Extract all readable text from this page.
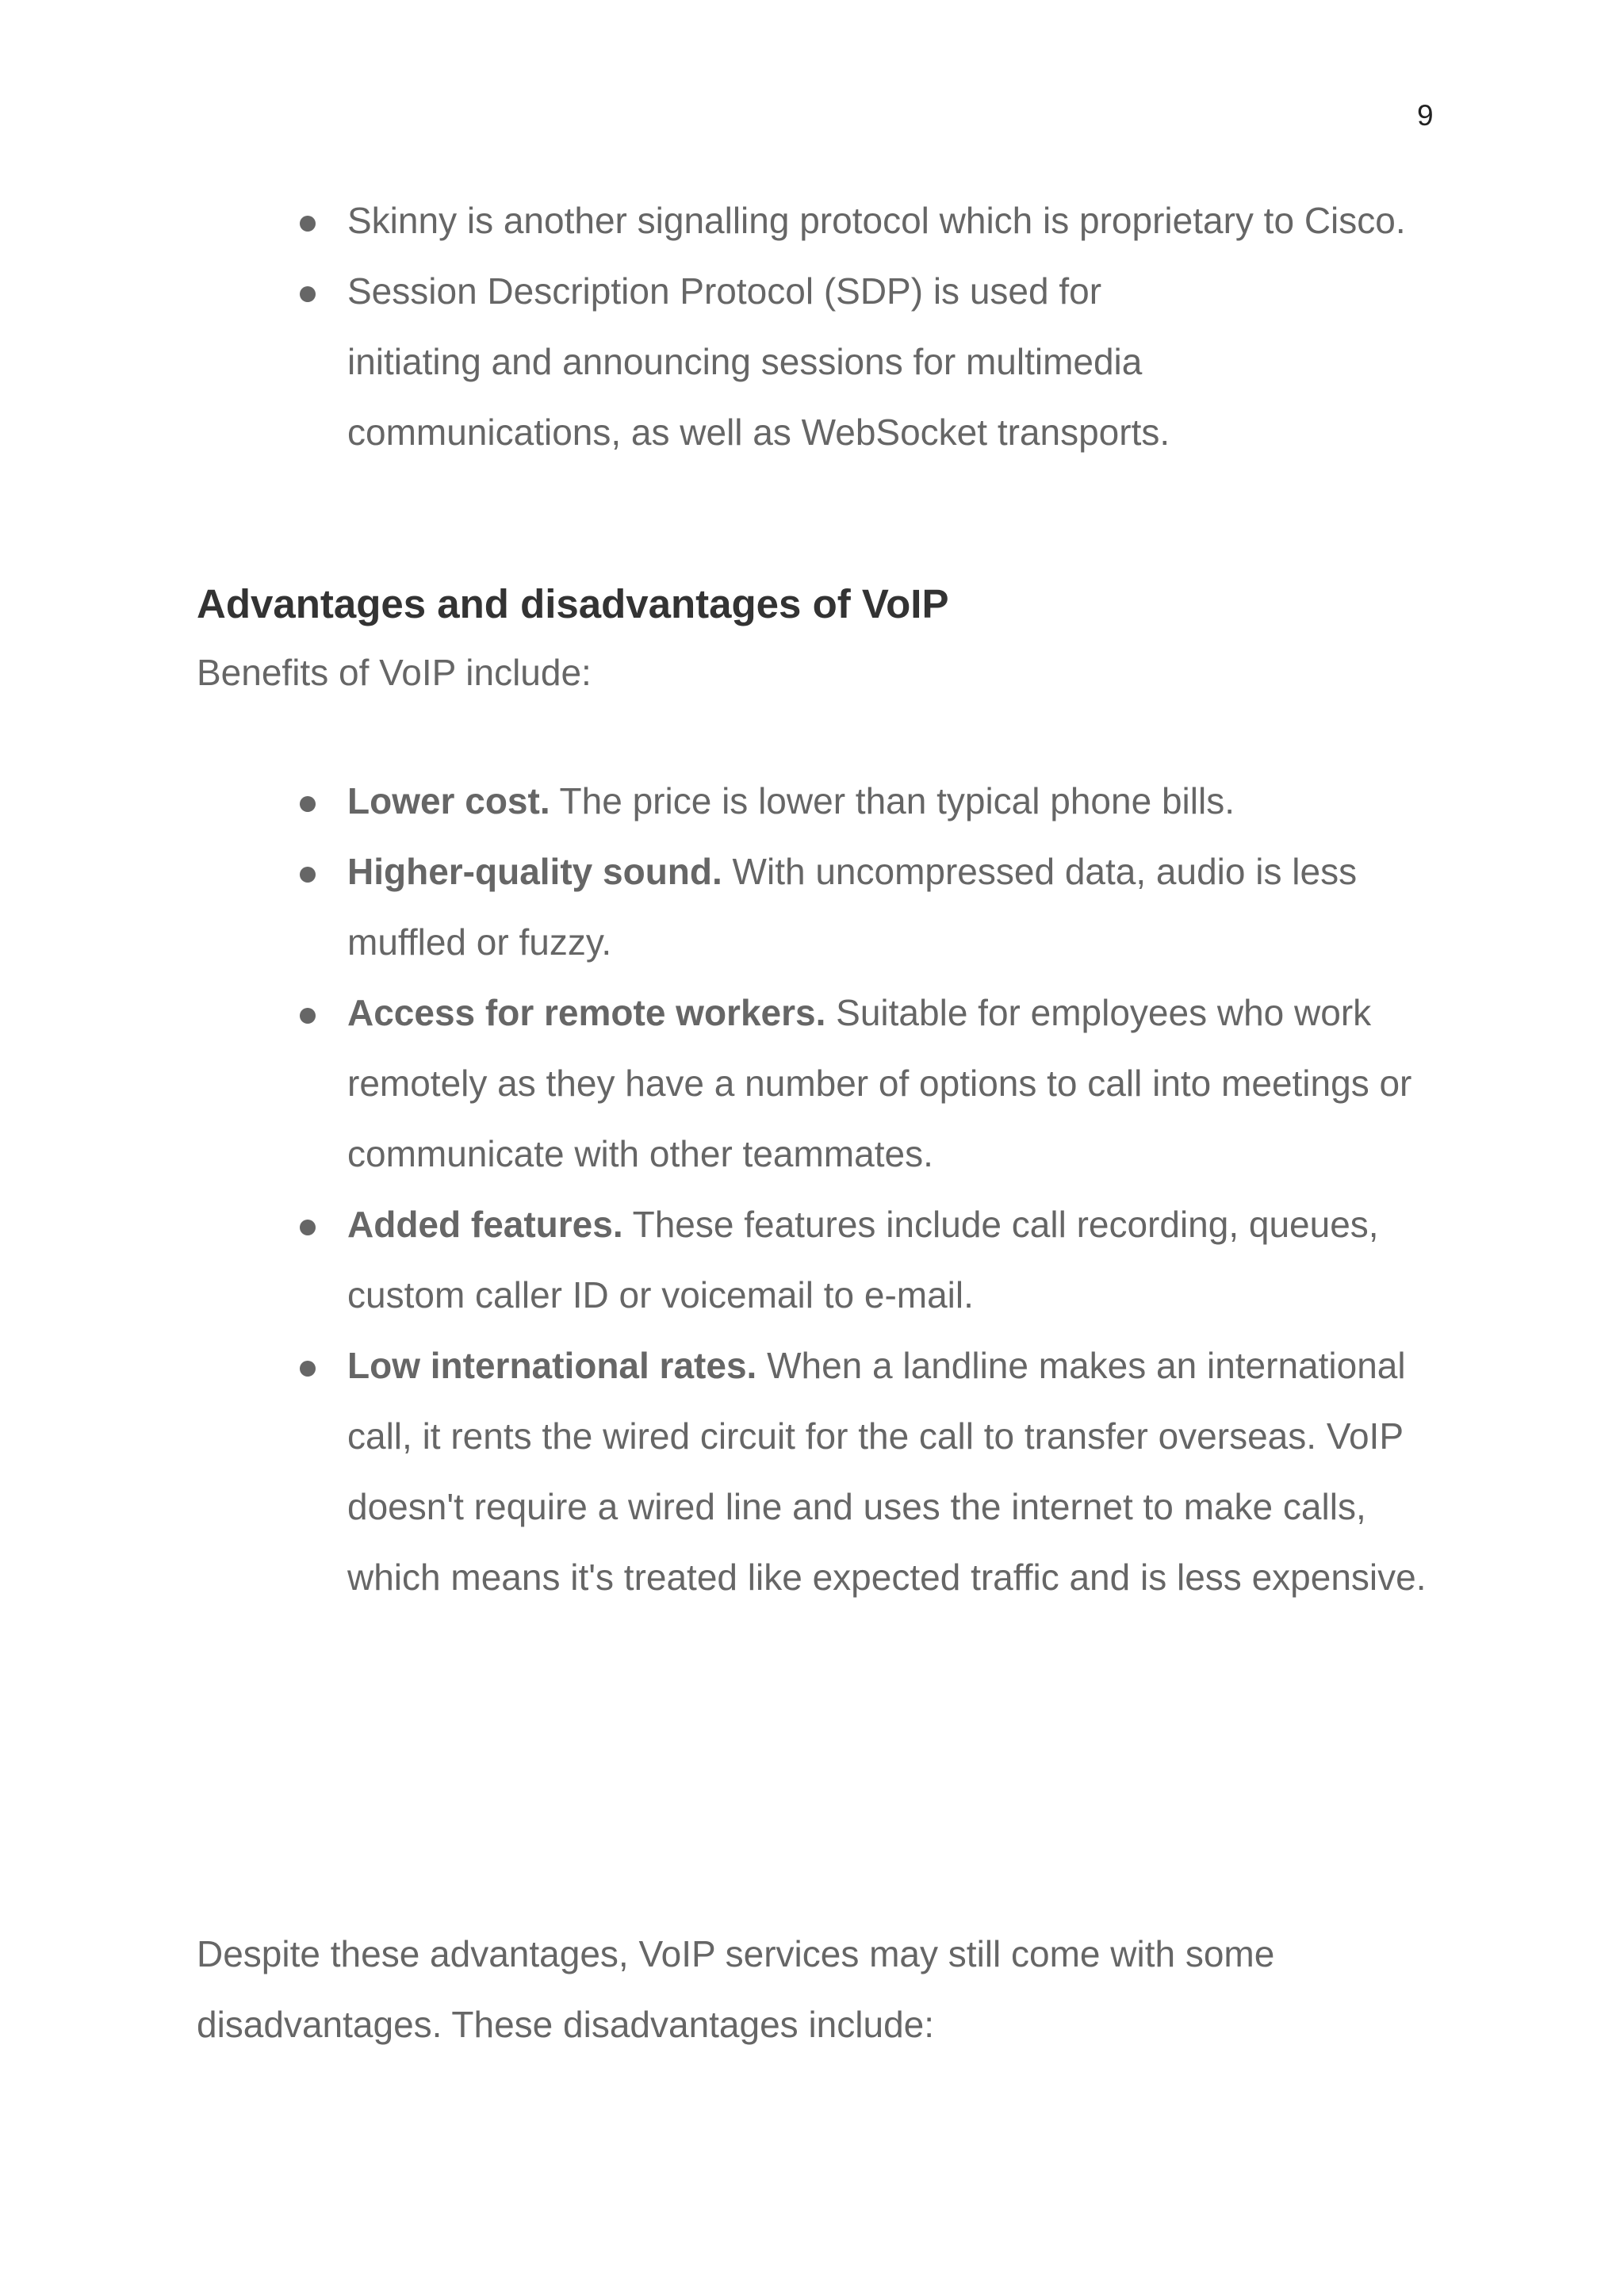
9
Skinny is another signalling protocol which is proprietary to Cisco.
Session Description Protocol (SDP) is used for initiating and announcing sessions for multimedia communications, as well as WebSocket transports.
Advantages and disadvantages of VoIP

Benefits of VoIP include:

Lower cost. The price is lower than typical phone bills.
Higher-quality sound. With uncompressed data, audio is less muffled or fuzzy.
Access for remote workers. Suitable for employees who work remotely as they have a number of options to call into meetings or communicate with other teammates.
Added features. These features include call recording, queues, custom caller ID or voicemail to e-mail.
Low international rates. When a landline makes an international call, it rents the wired circuit for the call to transfer overseas. VoIP doesn't require a wired line and uses the internet to make calls, which means it's treated like expected traffic and is less expensive.

Despite these advantages, VoIP services may still come with some disadvantages. These disadvantages include:
